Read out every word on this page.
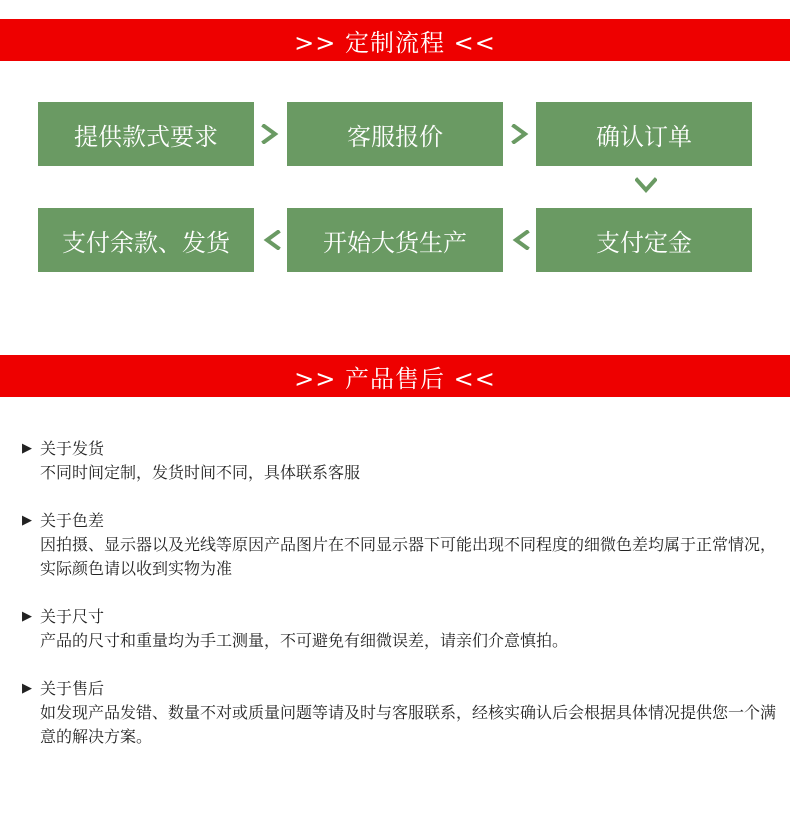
>> 定制流程 <<
提供款式要求	客服报价	确认订单
支付余款、发货	开始大货生产	支付定金
>> 产品售后 <<
▶ 关于发货
不同时间定制，发货时间不同，具体联系客服
▶ 关于色差
因拍摄、显示器以及光线等原因产品图片在不同显示器下可能出现不同程度的细微色差均属于正常情况，实际颜色请以收到实物为准
▶ 关于尺寸
产品的尺寸和重量均为手工测量，不可避免有细微误差，请亲们介意慎拍。
▶ 关于售后
如发现产品发错、数量不对或质量问题等请及时与客服联系，经核实确认后会根据具体情况提供您一个满意的解决方案。
